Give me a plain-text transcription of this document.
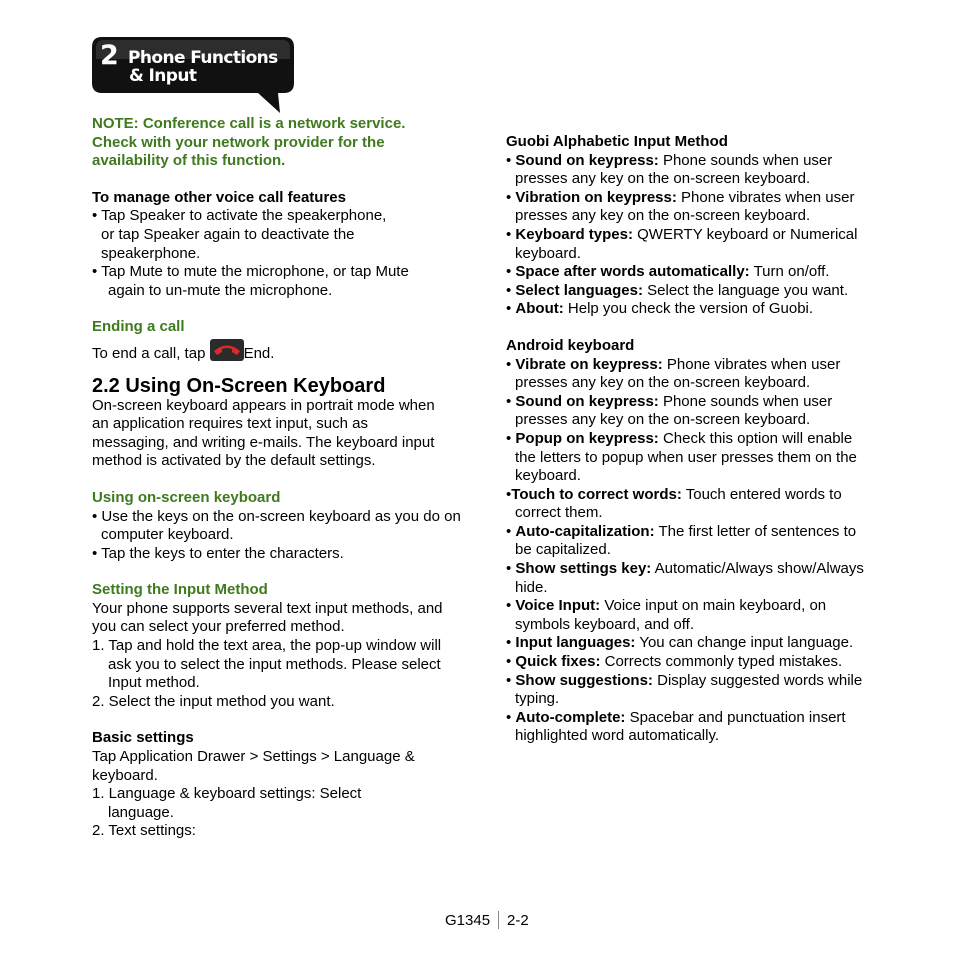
2 Phone Functions
& Input

NOTE: Conference call is a network service. Check with your network provider for the availability of this function.

To manage other voice call features

• Tap Speaker to activate the speakerphone, or tap Speaker again to deactivate the speakerphone.

• Tap Mute to mute the microphone, or tap Mute again to un-mute the microphone.

Ending a call

To end a call, tap
End.

2.2 Using On-Screen Keyboard

On-screen keyboard appears in portrait mode when an application requires text input, such as messaging, and writing e-mails. The keyboard input method is activated by the default settings.

Using on-screen keyboard

• Use the keys on the on-screen keyboard as you do on computer keyboard.

• Tap the keys to enter the characters.

Setting the Input Method

Your phone supports several text input methods, and you can select your preferred method.

1. Tap and hold the text area, the pop-up window will ask you to select the input methods. Please select Input method.

2. Select the input method you want.

Basic settings

Tap Application Drawer > Settings > Language & keyboard.

1. Language & keyboard settings: Select language.

2. Text settings:

Guobi Alphabetic Input Method

• Sound on keypress: Phone sounds when user presses any key on the on-screen keyboard.

• Vibration on keypress: Phone vibrates when user presses any key on the on-screen keyboard.

• Keyboard types: QWERTY keyboard or Numerical keyboard.

• Space after words automatically: Turn on/off.

• Select languages: Select the language you want.

• About: Help you check the version of Guobi.

Android keyboard

• Vibrate on keypress: Phone vibrates when user presses any key on the on-screen keyboard.

• Sound on keypress: Phone sounds when user presses any key on the on-screen keyboard.

• Popup on keypress: Check this option will enable the letters to popup when user presses them on the keyboard.

•Touch to correct words: Touch entered words to correct them.

• Auto-capitalization: The first letter of sentences to be capitalized.

• Show settings key: Automatic/Always show/Always hide.

• Voice Input: Voice input on main keyboard, on symbols keyboard, and off.

• Input languages: You can change input language.

• Quick fixes: Corrects commonly typed mistakes.

• Show suggestions: Display suggested words while typing.

• Auto-complete: Spacebar and punctuation insert highlighted word automatically.

G1345 2-2
